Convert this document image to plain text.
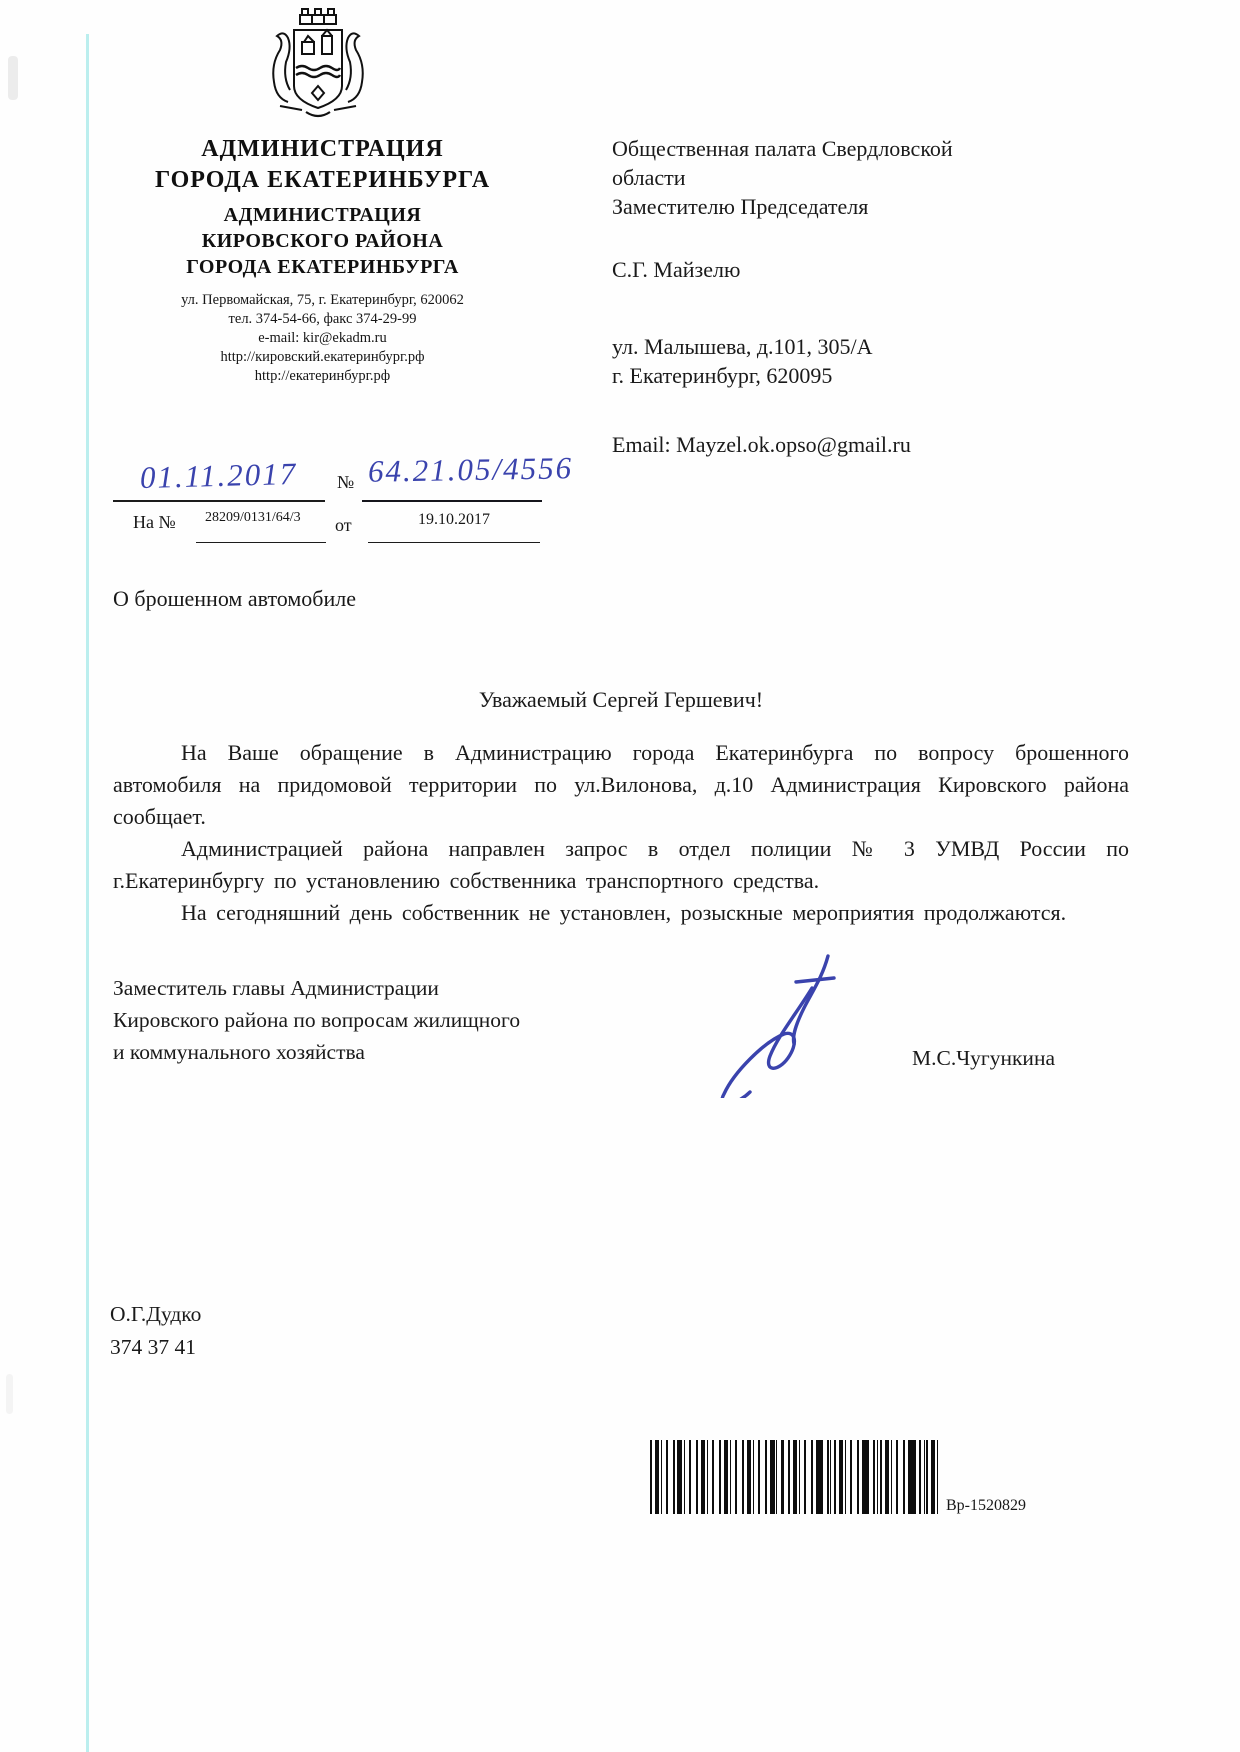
АДМИНИСТРАЦИЯ
ГОРОДА ЕКАТЕРИНБУРГА
АДМИНИСТРАЦИЯ
КИРОВСКОГО РАЙОНА
ГОРОДА ЕКАТЕРИНБУРГА
ул. Первомайская, 75, г. Екатеринбург, 620062
тел. 374-54-66, факс 374-29-99
e-mail: kir@ekadm.ru
http://кировский.екатеринбург.рф
http://екатеринбург.рф
01.11.2017 № 64.21.05/4556
На № 28209/0131/64/3 от	19.10.2017
Общественная палата Свердловской области
Заместителю Председателя
С.Г. Майзелю
ул. Малышева, д.101, 305/А
г. Екатеринбург, 620095
Email: Mayzel.ok.opso@gmail.ru
О брошенном автомобиле
Уважаемый Сергей Гершевич!

На Ваше обращение в Администрацию города Екатеринбурга по вопросу брошенного автомобиля на придомовой территории по ул.Вилонова, д.10 Администрация Кировского района сообщает.

Администрацией района направлен запрос в отдел полиции № 3 УМВД России по г.Екатеринбургу по установлению собственника транспортного средства.

На сегодняшний день собственник не установлен, розыскные мероприятия продолжаются.

Заместитель главы Администрации
Кировского района по вопросам жилищного
и коммунального хозяйства	М.С.Чугункина
О.Г.Дудко
374 37 41
Вр-1520829
